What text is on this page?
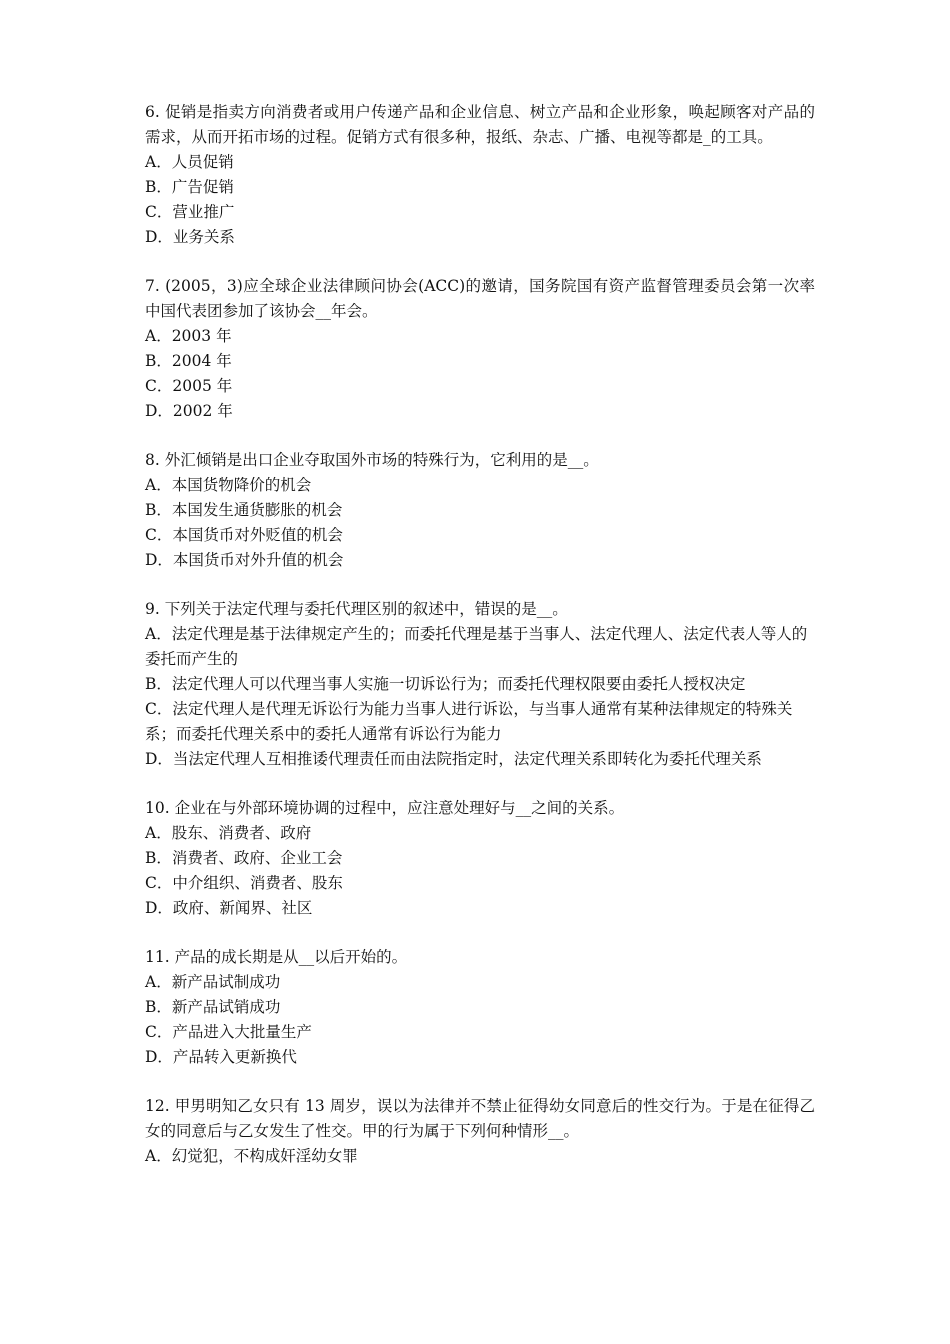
6. 促销是指卖方向消费者或用户传递产品和企业信息、树立产品和企业形象，唤起顾客对产品的需求，从而开拓市场的过程。促销方式有很多种，报纸、杂志、广播、电视等都是_的工具。
A．人员促销
B．广告促销
C．营业推广
D．业务关系
7. (2005，3)应全球企业法律顾问协会(ACC)的邀请，国务院国有资产监督管理委员会第一次率中国代表团参加了该协会__年会。
A．2003 年
B．2004 年
C．2005 年
D．2002 年
8. 外汇倾销是出口企业夺取国外市场的特殊行为，它利用的是__。
A．本国货物降价的机会
B．本国发生通货膨胀的机会
C．本国货币对外贬值的机会
D．本国货币对外升值的机会
9. 下列关于法定代理与委托代理区别的叙述中，错误的是__。
A．法定代理是基于法律规定产生的；而委托代理是基于当事人、法定代理人、法定代表人等人的委托而产生的
B．法定代理人可以代理当事人实施一切诉讼行为；而委托代理权限要由委托人授权决定
C．法定代理人是代理无诉讼行为能力当事人进行诉讼，与当事人通常有某种法律规定的特殊关系；而委托代理关系中的委托人通常有诉讼行为能力
D．当法定代理人互相推诿代理责任而由法院指定时，法定代理关系即转化为委托代理关系
10. 企业在与外部环境协调的过程中，应注意处理好与__之间的关系。
A．股东、消费者、政府
B．消费者、政府、企业工会
C．中介组织、消费者、股东
D．政府、新闻界、社区
11. 产品的成长期是从__以后开始的。
A．新产品试制成功
B．新产品试销成功
C．产品进入大批量生产
D．产品转入更新换代
12. 甲男明知乙女只有 13 周岁，误以为法律并不禁止征得幼女同意后的性交行为。于是在征得乙女的同意后与乙女发生了性交。甲的行为属于下列何种情形__。
A．幻觉犯，不构成奸淫幼女罪
